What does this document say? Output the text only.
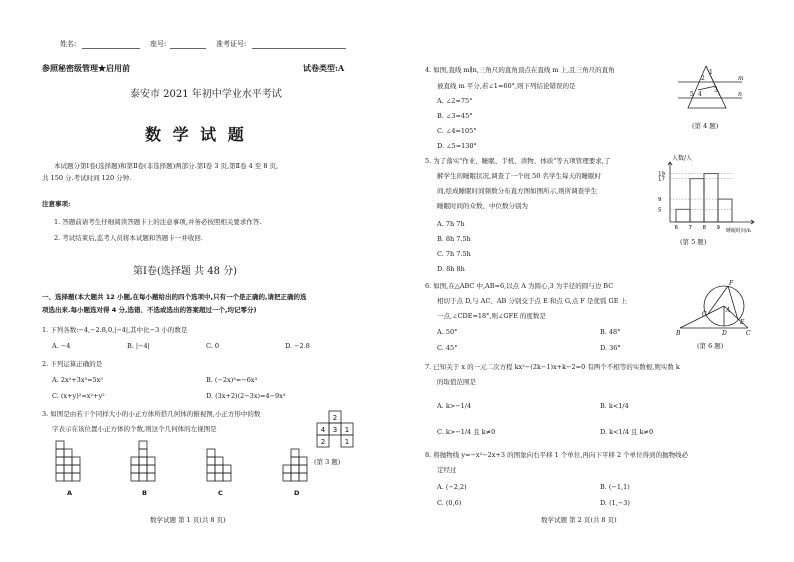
姓名:	座号:	准考证号:
参照秘密级管理★启用前	试卷类型:A
泰安市 2021 年初中学业水平考试
数 学 试 题
本试题分第Ⅰ卷(选择题)和第Ⅱ卷(非选择题)两部分.第Ⅰ卷 3 页,第Ⅱ卷 4 至 8 页,
共 150 分.考试时间 120 分钟.
注意事项:
1. 答题前请考生仔细阅读答题卡上的注意事项,并务必按照相关要求作答.
2. 考试结束后,监考人员将本试题和答题卡一并收回.
第Ⅰ卷(选择题 共 48 分)
一、选择题(本大题共 12 小题,在每小题给出的四个选项中,只有一个是正确的,请把正确的选
项选出来.每小题选对得 4 分,选错、不选或选出的答案超过一个,均记零分)
1. 下列各数:−4,−2.8,0,|−4|,其中比−3 小的数是
A. −4	B. |−4|	C. 0	D. −2.8
2. 下列运算正确的是
A. 2x²+3x³=5x⁵	B. (−2x)³=−6x³
C. (x+y)²=x²+y²	D. (3x+2)(2−3x)=4−9x²
3. 如图是由若干个同样大小的小正方体所搭几何体的俯视图,小正方形中的数
字表示在该位置小正方体的个数,则这个几何体的左视图是
2
4 3 1
2	1
(第 3 题)
A	B	C	D
数学试题 第 1 页(共 8 页)
4. 如图,直线 m∥n,三角尺的直角顶点在直线 m 上,且三角尺的直角
被直线 m 平分,若∠1=60°,则下列结论错误的是
A. ∠2=75°
B. ∠3=45°
C. ∠4=105°
D. ∠5=130°
m
n
1
2
3
4
5
(第 4 题)
5. 为了落实"作业、睡眠、手机、读物、体质"等五项管理要求,了
解学生的睡眠状况,调查了一个班 50 名学生每天的睡眠时
间,绘成睡眠时间频数分布直方图如图所示,则所调查学生
睡眠时间的众数、中位数分别为
A. 7h 7h
B. 8h 7.5h
C. 7h 7.5h
D. 8h 8h
6 7 8 9
5
9
17
19
人数/人
睡眠时间/h
(第 5 题)
6. 如图,在△ABC 中,AB=6,以点 A 为圆心,3 为半径的圆与边 BC
相切于点 D,与 AC、AB 分别交于点 E 和点 G,点 F 是优弧 GE 上
一点,∠CDE=18°,则∠GFE 的度数是
A. 50°	B. 48°
C. 45°	D. 36°
A
B	C
D
E
F
G
(第 6 题)
7. 已知关于 x 的一元二次方程 kx²−(2k−1)x+k−2=0 有两个不相等的实数根,则实数 k
的取值范围是
A. k>−1/4	B. k<1/4
C. k>−1/4 且 k≠0	D. k<1/4 且 k≠0
8. 将抛物线 y=−x²−2x+3 的图象向右平移 1 个单位,再向下平移 2 个单位得到的抛物线必
定经过
A. (−2,2)	B. (−1,1)
C. (0,6)	D. (1,−3)
数学试题 第 2 页(共 8 页)
